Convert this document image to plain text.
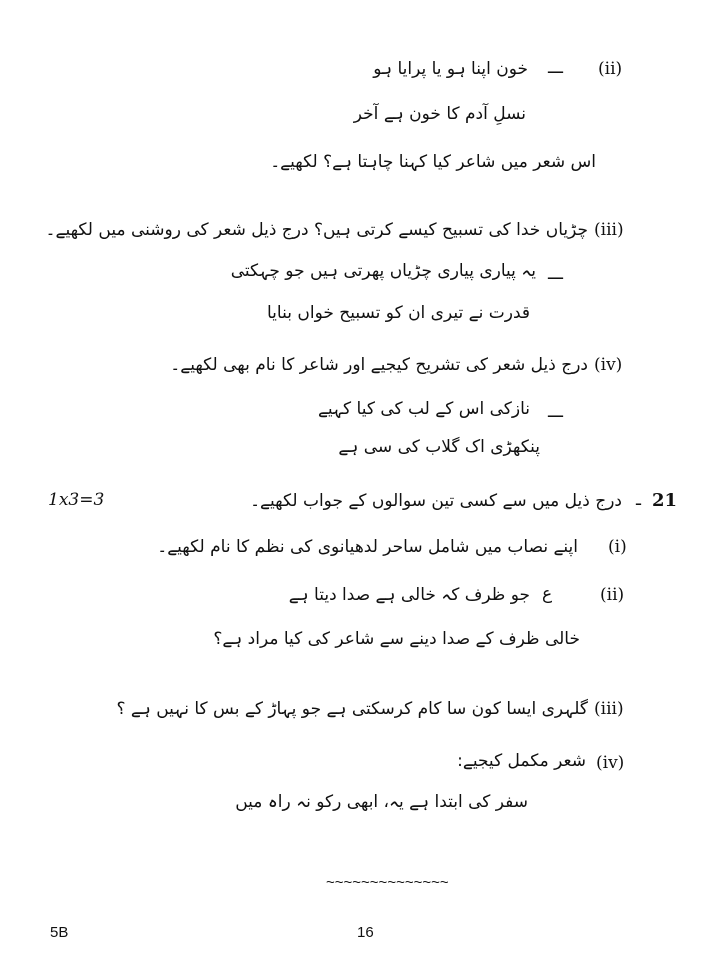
(ii)
ـــ
خون اپنا ہو یا پرایا ہو
نسلِ آدم کا خون ہے آخر
اس شعر میں شاعر کیا کہنا چاہتا ہے؟ لکھیے۔
(iii)
چڑیاں خدا کی تسبیح کیسے کرتی ہیں؟ درج ذیل شعر کی روشنی میں لکھیے۔
ـــ
یہ پیاری پیاری چڑیاں پھرتی ہیں جو چہکتی
قدرت نے تیری ان کو تسبیح خواں بنایا
(iv)
درج ذیل شعر کی تشریح کیجیے اور شاعر کا نام بھی لکھیے۔
ـــ
نازکی اس کے لب کی کیا کہیے
پنکھڑی اک گلاب کی سی ہے
1x3=3	21
ـ
درج ذیل میں سے کسی تین سوالوں کے جواب لکھیے۔
(i)
اپنے نصاب میں شامل ساحر لدھیانوی کی نظم کا نام لکھیے۔
(ii)
ع
جو ظرف کہ خالی ہے صدا دیتا ہے
خالی ظرف کے صدا دینے سے شاعر کی کیا مراد ہے؟
(iii)
گلہری ایسا کون سا کام کرسکتی ہے جو پہاڑ کے بس کا نہیں ہے ؟
(iv)
شعر مکمل کیجیے:
سفر کی ابتدا ہے یہ، ابھی رکو نہ راہ میں
~~~~~~~~~~~~~~
5B	16
